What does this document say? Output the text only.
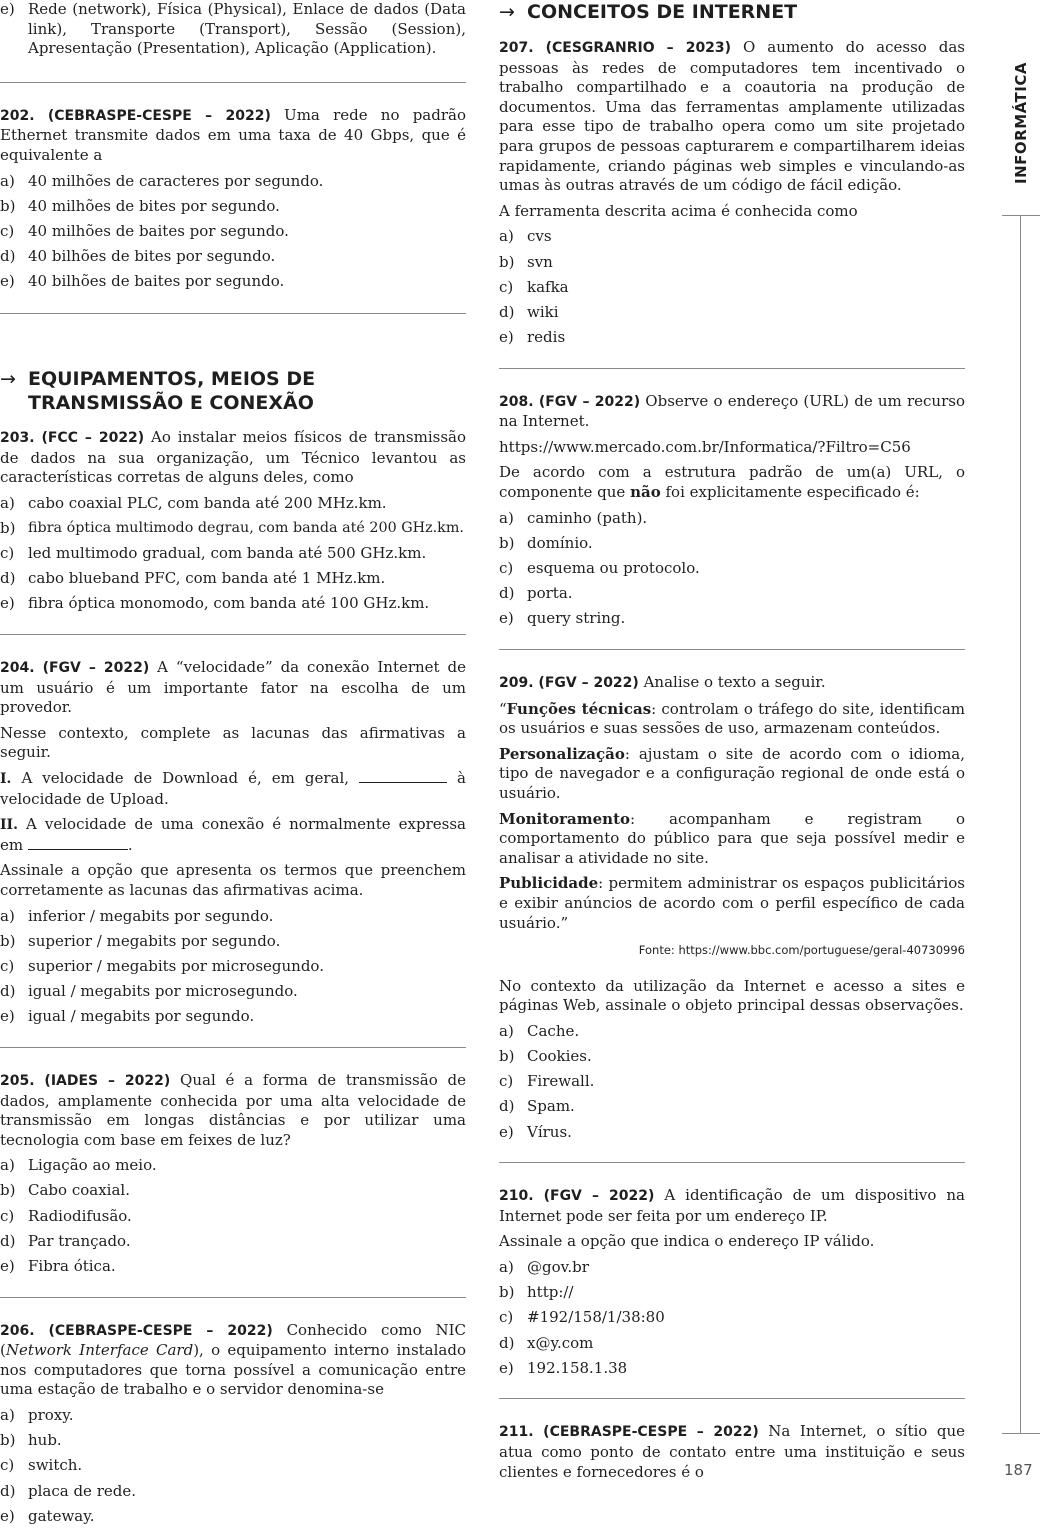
e) Rede (network), Física (Physical), Enlace de dados (Data link), Transporte (Transport), Sessão (Session), Apresentação (Presentation), Aplicação (Application).

202. (CEBRASPE-CESPE – 2022) Uma rede no padrão Ethernet transmite dados em uma taxa de 40 Gbps, que é equivalente a

a) 40 milhões de caracteres por segundo.
b) 40 milhões de bites por segundo.
c) 40 milhões de baites por segundo.
d) 40 bilhões de bites por segundo.
e) 40 bilhões de baites por segundo.
→ EQUIPAMENTOS, MEIOS DE TRANSMISSÃO E CONEXÃO

203. (FCC – 2022) Ao instalar meios físicos de transmissão de dados na sua organização, um Técnico levantou as características corretas de alguns deles, como

a) cabo coaxial PLC, com banda até 200 MHz.km.
b) fibra óptica multimodo degrau, com banda até 200 GHz.km.
c) led multimodo gradual, com banda até 500 GHz.km.
d) cabo blueband PFC, com banda até 1 MHz.km.
e) fibra óptica monomodo, com banda até 100 GHz.km.

204. (FGV – 2022) A “velocidade” da conexão Internet de um usuário é um importante fator na escolha de um provedor.

Nesse contexto, complete as lacunas das afirmativas a seguir.

I. A velocidade de Download é, em geral,	à velocidade de Upload.

II. A velocidade de uma conexão é normalmente expressa em	.

Assinale a opção que apresenta os termos que preenchem corretamente as lacunas das afirmativas acima.

a) inferior / megabits por segundo.
b) superior / megabits por segundo.
c) superior / megabits por microsegundo.
d) igual / megabits por microsegundo.
e) igual / megabits por segundo.

205. (IADES – 2022) Qual é a forma de transmissão de dados, amplamente conhecida por uma alta velocidade de transmissão em longas distâncias e por utilizar uma tecnologia com base em feixes de luz?

a) Ligação ao meio.
b) Cabo coaxial.
c) Radiodifusão.
d) Par trançado.
e) Fibra ótica.

206. (CEBRASPE-CESPE – 2022) Conhecido como NIC (Network Interface Card), o equipamento interno instalado nos computadores que torna possível a comunicação entre uma estação de trabalho e o servidor denomina-se

a) proxy.
b) hub.
c) switch.
d) placa de rede.
e) gateway.
→ CONCEITOS DE INTERNET

207. (CESGRANRIO – 2023) O aumento do acesso das pessoas às redes de computadores tem incentivado o trabalho compartilhado e a coautoria na produção de documentos. Uma das ferramentas amplamente utilizadas para esse tipo de trabalho opera como um site projetado para grupos de pessoas capturarem e compartilharem ideias rapidamente, criando páginas web simples e vinculando-as umas às outras através de um código de fácil edição.

A ferramenta descrita acima é conhecida como

a) cvs
b) svn
c) kafka
d) wiki
e) redis

208. (FGV – 2022) Observe o endereço (URL) de um recurso na Internet.

https://www.mercado.com.br/Informatica/?Filtro=C56

De acordo com a estrutura padrão de um(a) URL, o componente que não foi explicitamente especificado é:

a) caminho (path).
b) domínio.
c) esquema ou protocolo.
d) porta.
e) query string.

209. (FGV – 2022) Analise o texto a seguir.

“Funções técnicas: controlam o tráfego do site, identificam os usuários e suas sessões de uso, armazenam conteúdos.

Personalização: ajustam o site de acordo com o idioma, tipo de navegador e a configuração regional de onde está o usuário.

Monitoramento: acompanham e registram o comportamento do público para que seja possível medir e analisar a atividade no site.

Publicidade: permitem administrar os espaços publicitários e exibir anúncios de acordo com o perfil específico de cada usuário.”

Fonte: https://www.bbc.com/portuguese/geral-40730996

No contexto da utilização da Internet e acesso a sites e páginas Web, assinale o objeto principal dessas observações.

a) Cache.
b) Cookies.
c) Firewall.
d) Spam.
e) Vírus.

210. (FGV – 2022) A identificação de um dispositivo na Internet pode ser feita por um endereço IP.

Assinale a opção que indica o endereço IP válido.

a) @gov.br
b) http://
c) #192/158/1/38:80
d) x@y.com
e) 192.158.1.38

211. (CEBRASPE-CESPE – 2022) Na Internet, o sítio que atua como ponto de contato entre uma instituição e seus clientes e fornecedores é o

INFORMÁTICA
187
